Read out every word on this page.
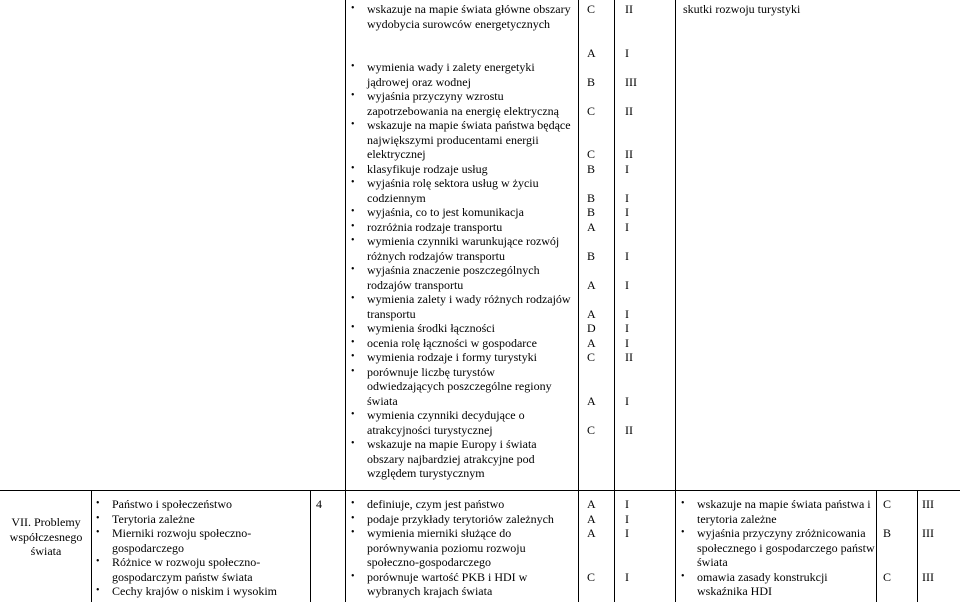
• wskazuje na mapie świata główne obszary wydobycia surowców energetycznych
• wymienia wady i zalety energetyki jądrowej oraz wodnej
• wyjaśnia przyczyny wzrostu zapotrzebowania na energię elektryczną
• wskazuje na mapie świata państwa będące największymi producentami energii elektrycznej
• klasyfikuje rodzaje usług
• wyjaśnia rolę sektora usług w życiu codziennym
• wyjaśnia, co to jest komunikacja
• rozróżnia rodzaje transportu
• wymienia czynniki warunkujące rozwój różnych rodzajów transportu
• wyjaśnia znaczenie poszczególnych rodzajów transportu
• wymienia zalety i wady różnych rodzajów transportu
• wymienia środki łączności
• ocenia rolę łączności w gospodarce
• wymienia rodzaje i formy turystyki
• porównuje liczbę turystów odwiedzających poszczególne regiony świata
• wymienia czynniki decydujące o atrakcyjności turystycznej
• wskazuje na mapie Europy i świata obszary najbardziej atrakcyjne pod względem turystycznym
C
A
B
C
C
B
B
B
A
B
A
A
D
A
C
A
C
II
I
III
II
II
I
I
I
I
I
I
I
I
I
II
I
II
skutki rozwoju turystyki
VII. Problemy współczesnego świata
• Państwo i społeczeństwo
• Terytoria zależne
• Mierniki rozwoju społeczno-gospodarczego
• Różnice w rozwoju społeczno-gospodarczym państw świata
• Cechy krajów o niskim i wysokim
4
•	definiuje, czym jest państwo
• podaje przykłady terytoriów zależnych
• wymienia mierniki służące do porównywania poziomu rozwoju społeczno-gospodarczego
• porównuje wartość PKB i HDI w wybranych krajach świata
A
A
A
C
I
I
I
I
• wskazuje na mapie świata państwa i terytoria zależne
• wyjaśnia przyczyny zróżnicowania społecznego i gospodarczego państw świata
• omawia zasady konstrukcji wskaźnika HDI
C
B
C
III
III
III
